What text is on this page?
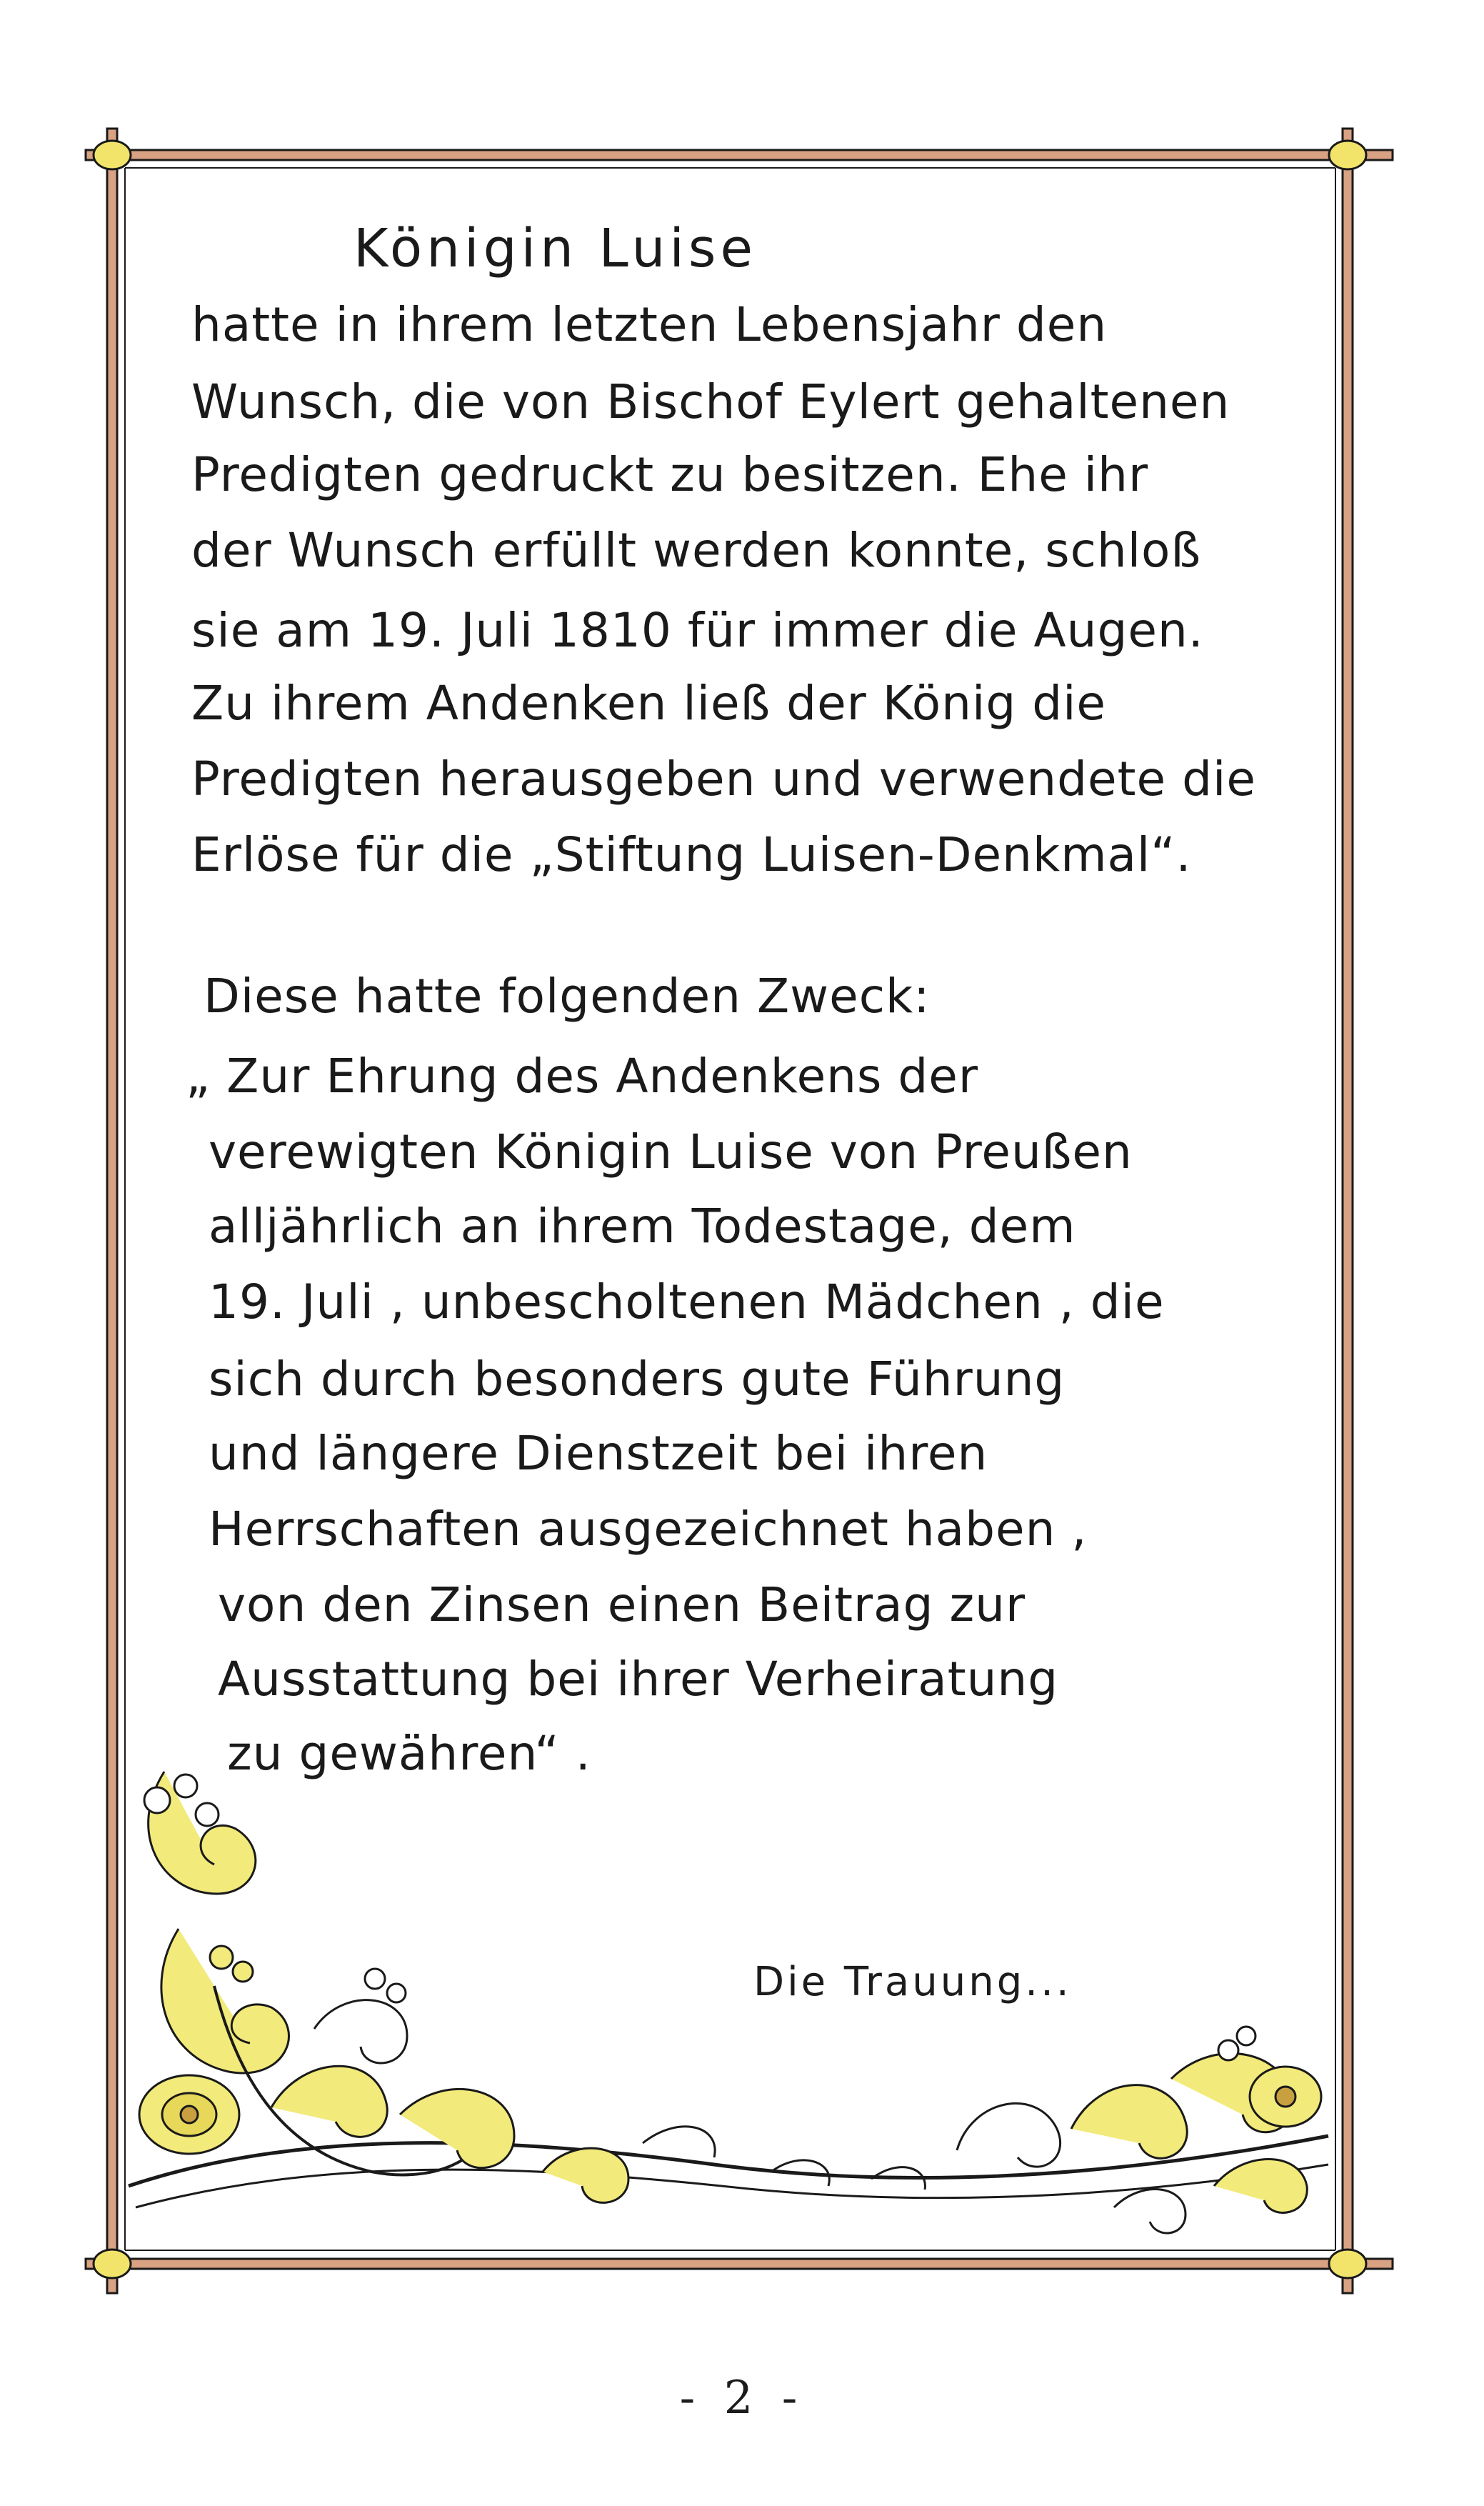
Königin Luise
hatte in ihrem letzten Lebensjahr den
Wunsch, die von Bischof Eylert gehaltenen
Predigten gedruckt zu besitzen. Ehe ihr
der Wunsch erfüllt werden konnte, schloß
sie am 19. Juli 1810 für immer die Augen.
Zu ihrem Andenken ließ der König die
Predigten herausgeben und verwendete die
Erlöse für die „Stiftung Luisen-Denkmal“.
Diese hatte folgenden Zweck:
„ Zur Ehrung des Andenkens der
verewigten Königin Luise von Preußen
alljährlich an ihrem Todestage, dem
19. Juli , unbescholtenen Mädchen , die
sich durch besonders gute Führung
und längere Dienstzeit bei ihren
Herrschaften ausgezeichnet haben ,
von den Zinsen einen Beitrag zur
Ausstattung bei ihrer Verheiratung
zu gewähren“ .
Die Trauung...
- 2 -
